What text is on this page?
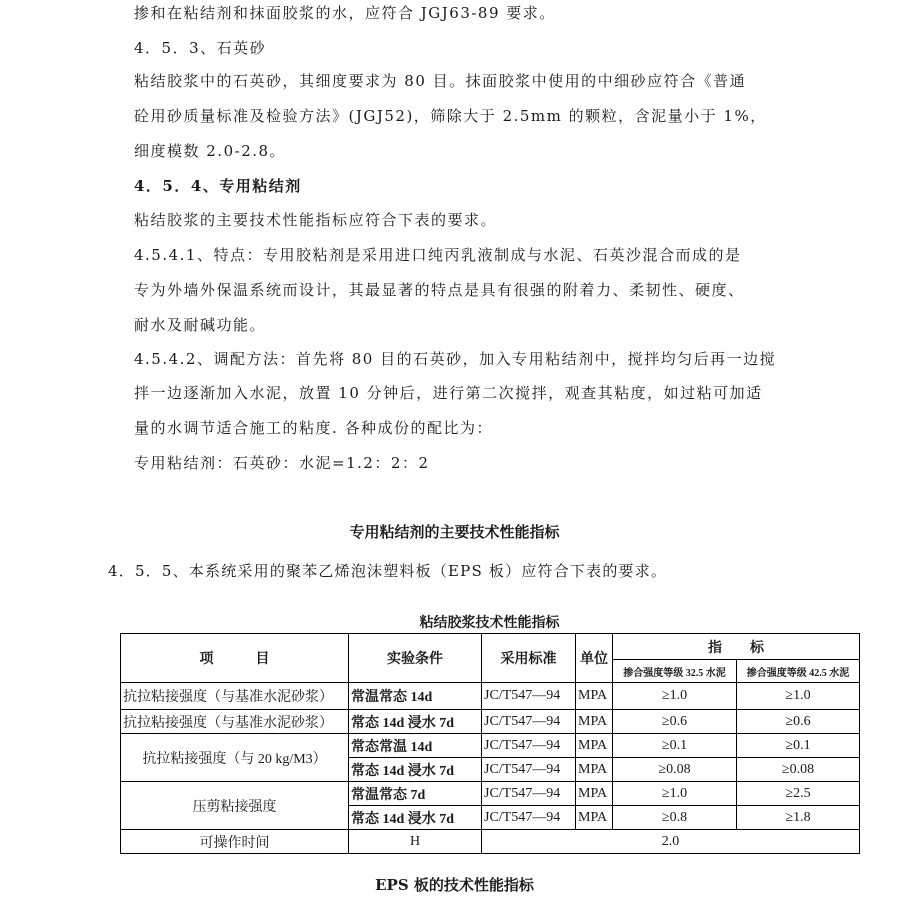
掺和在粘结剂和抹面胶浆的水，应符合 JGJ63-89 要求。
4．5．3、石英砂
粘结胶浆中的石英砂，其细度要求为 80 目。抹面胶浆中使用的中细砂应符合《普通
砼用砂质量标准及检验方法》(JGJ52)，筛除大于 2.5mm 的颗粒，含泥量小于 1%，
细度模数 2.0-2.8。
4．5．4、专用粘结剂
粘结胶浆的主要技术性能指标应符合下表的要求。
4.5.4.1、特点：专用胶粘剂是采用进口纯丙乳液制成与水泥、石英沙混合而成的是
专为外墙外保温系统而设计，其最显著的特点是具有很强的附着力、柔韧性、硬度、
耐水及耐碱功能。
4.5.4.2、调配方法：首先将 80 目的石英砂，加入专用粘结剂中，搅拌均匀后再一边搅
拌一边逐渐加入水泥，放置 10 分钟后，进行第二次搅拌，观查其粘度，如过粘可加适
量的水调节适合施工的粘度. 各种成份的配比为：
专用粘结剂：石英砂：水泥=1.2：2：2
专用粘结剂的主要技术性能指标
4．5．5、本系统采用的聚苯乙烯泡沫塑料板（EPS 板）应符合下表的要求。
粘结胶浆技术性能指标
项　　　目	实验条件	采用标准	单位	指　　标	
				掺合强度等级 32.5 水泥	掺合强度等级 42.5 水泥
抗拉粘接强度（与基准水泥砂浆）	常温常态 14d	JC/T547—94	MPA	≥1.0	≥1.0
抗拉粘接强度（与基准水泥砂浆）	常态 14d 浸水 7d	JC/T547—94	MPA	≥0.6	≥0.6
抗拉粘接强度（与 20 kg/M3）	常态常温 14d	JC/T547—94	MPA	≥0.1	≥0.1
	常态 14d 浸水 7d	JC/T547—94	MPA	≥0.08	≥0.08
压剪粘接强度	常温常态 7d	JC/T547—94	MPA	≥1.0	≥2.5
	常态 14d 浸水 7d	JC/T547—94	MPA	≥0.8	≥1.8
可操作时间	H	2.0			
EPS 板的技术性能指标
